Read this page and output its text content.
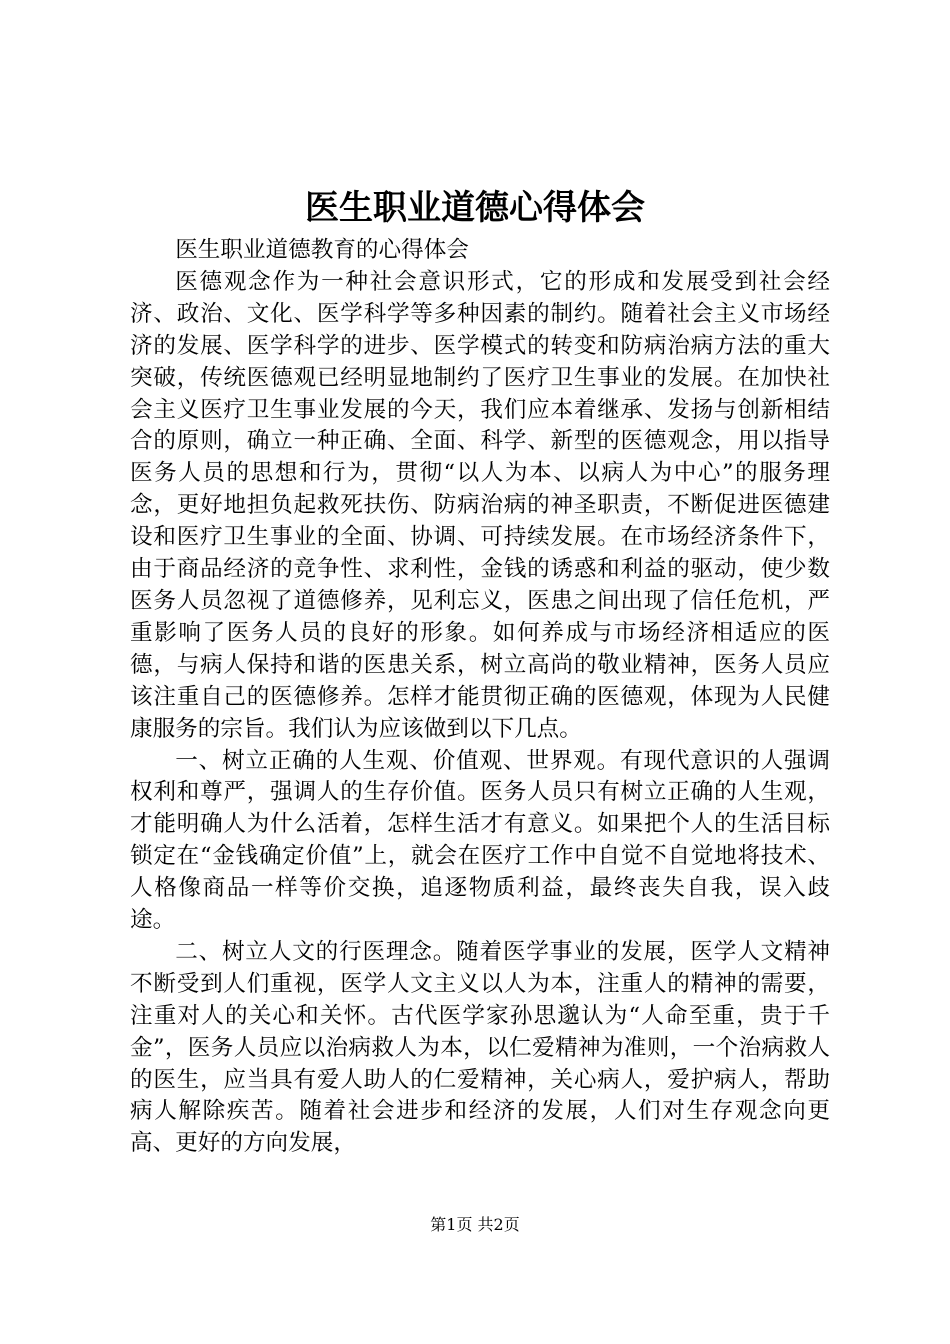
医生职业道德心得体会

医生职业道德教育的心得体会

医德观念作为一种社会意识形式，它的形成和发展受到社会经济、政治、文化、医学科学等多种因素的制约。随着社会主义市场经济的发展、医学科学的进步、医学模式的转变和防病治病方法的重大突破，传统医德观已经明显地制约了医疗卫生事业的发展。在加快社会主义医疗卫生事业发展的今天，我们应本着继承、发扬与创新相结合的原则，确立一种正确、全面、科学、新型的医德观念，用以指导医务人员的思想和行为，贯彻“以人为本、以病人为中心”的服务理念，更好地担负起救死扶伤、防病治病的神圣职责，不断促进医德建设和医疗卫生事业的全面、协调、可持续发展。在市场经济条件下，由于商品经济的竞争性、求利性，金钱的诱惑和利益的驱动，使少数医务人员忽视了道德修养，见利忘义，医患之间出现了信任危机，严重影响了医务人员的良好的形象。如何养成与市场经济相适应的医德，与病人保持和谐的医患关系，树立高尚的敬业精神，医务人员应该注重自己的医德修养。怎样才能贯彻正确的医德观，体现为人民健康服务的宗旨。我们认为应该做到以下几点。

一、树立正确的人生观、价值观、世界观。有现代意识的人强调权利和尊严，强调人的生存价值。医务人员只有树立正确的人生观，才能明确人为什么活着，怎样生活才有意义。如果把个人的生活目标锁定在“金钱确定价值”上，就会在医疗工作中自觉不自觉地将技术、人格像商品一样等价交换，追逐物质利益，最终丧失自我，误入歧途。

二、树立人文的行医理念。随着医学事业的发展，医学人文精神不断受到人们重视，医学人文主义以人为本，注重人的精神的需要，注重对人的关心和关怀。古代医学家孙思邈认为“人命至重，贵于千金”，医务人员应以治病救人为本，以仁爱精神为准则，一个治病救人的医生，应当具有爱人助人的仁爱精神，关心病人，爱护病人，帮助病人解除疾苦。随着社会进步和经济的发展，人们对生存观念向更高、更好的方向发展，

第1页 共2页
